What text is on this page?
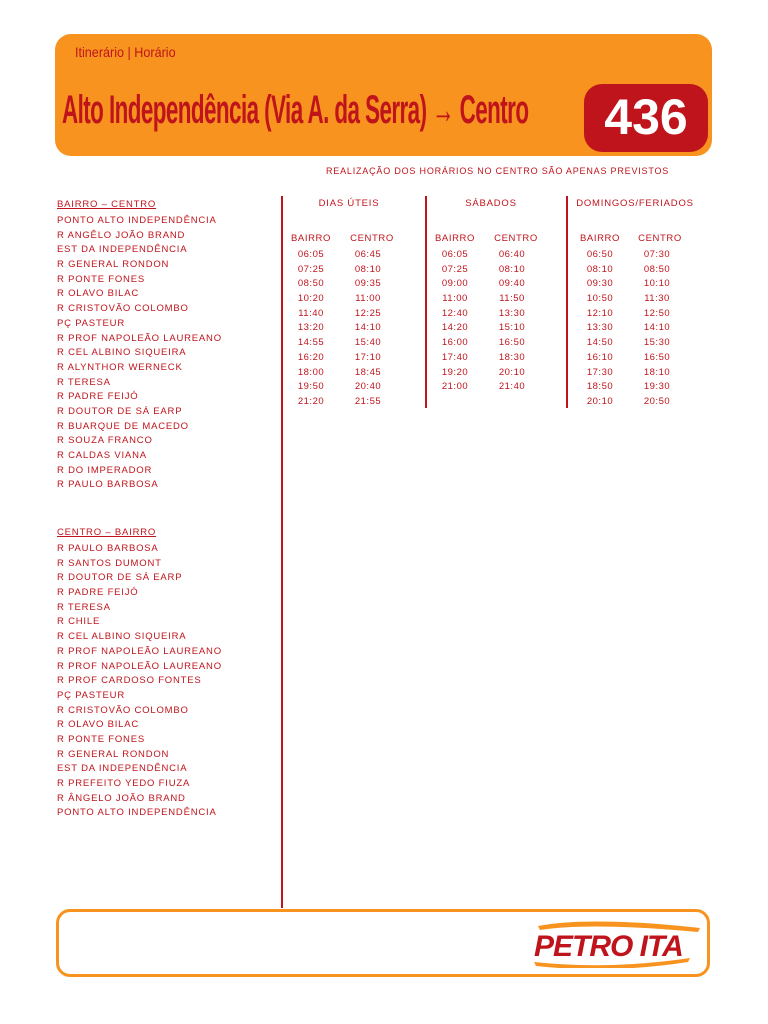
Itinerário | Horário
Alto Independência (Via A. da Serra) → Centro	436
REALIZAÇÃO DOS HORÁRIOS NO CENTRO SÃO APENAS PREVISTOS
BAIRRO – CENTRO
PONTO ALTO INDEPENDÊNCIA
R ANGÊLO JOÃO BRAND
EST DA INDEPENDÊNCIA
R GENERAL RONDON
R PONTE FONES
R OLAVO BILAC
R CRISTOVÃO COLOMBO
PÇ PASTEUR
R PROF NAPOLEÃO LAUREANO
R CEL ALBINO SIQUEIRA
R ALYNTHOR WERNECK
R TERESA
R PADRE FEIJÓ
R DOUTOR DE SÁ EARP
R BUARQUE DE MACEDO
R SOUZA FRANCO
R CALDAS VIANA
R DO IMPERADOR
R PAULO BARBOSA
CENTRO – BAIRRO
R PAULO BARBOSA
R SANTOS DUMONT
R DOUTOR DE SÁ EARP
R PADRE FEIJÓ
R TERESA
R CHILE
R CEL ALBINO SIQUEIRA
R PROF NAPOLEÃO LAUREANO
R PROF NAPOLEÃO LAUREANO
R PROF CARDOSO FONTES
PÇ PASTEUR
R CRISTOVÃO COLOMBO
R OLAVO BILAC
R PONTE FONES
R GENERAL RONDON
EST DA INDEPENDÊNCIA
R PREFEITO YEDO FIUZA
R ÂNGELO JOÃO BRAND
PONTO ALTO INDEPENDÊNCIA
DIAS ÚTEIS	SÁBADOS	DOMINGOS/FERIADOS
BAIRRO	CENTRO	BAIRRO	CENTRO	BAIRRO	CENTRO
06:05	06:45
07:25	08:10
08:50	09:35
10:20	11:00
11:40	12:25
13:20	14:10
14:55	15:40
16:20	17:10
18:00	18:45
19:50	20:40
21:20	21:55
06:05	06:40
07:25	08:10
09:00	09:40
11:00	11:50
12:40	13:30
14:20	15:10
16:00	16:50
17:40	18:30
19:20	20:10
21:00	21:40
06:50	07:30
08:10	08:50
09:30	10:10
10:50	11:30
12:10	12:50
13:30	14:10
14:50	15:30
16:10	16:50
17:30	18:10
18:50	19:30
20:10	20:50
PETRO ITA
